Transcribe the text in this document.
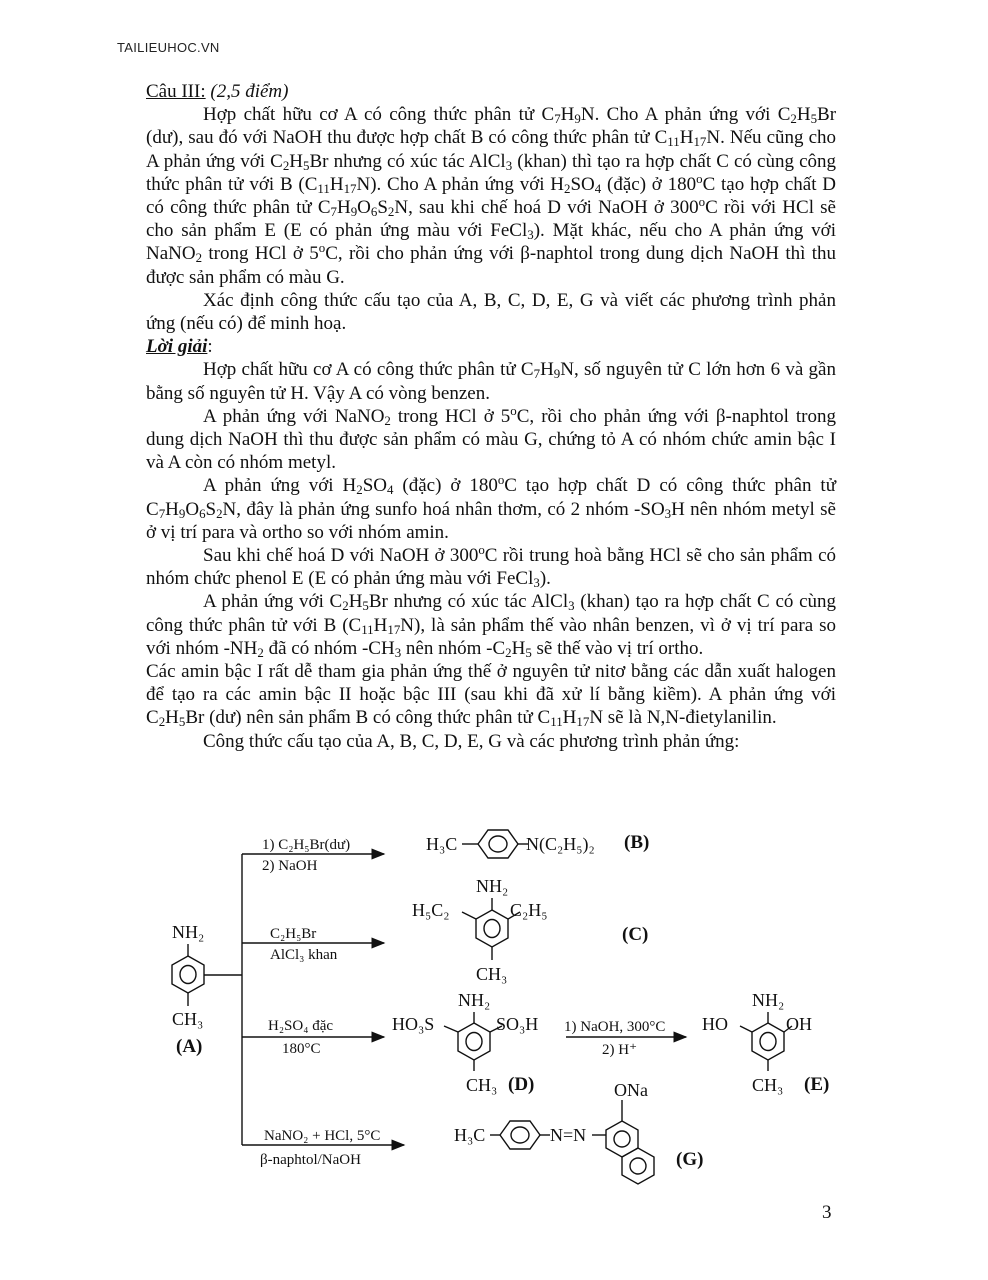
TAILIEUHOC.VN

Câu III: (2,5 điểm)

Hợp chất hữu cơ A có công thức phân tử $C_7H_9N$. Cho A phản ứng với $C_2H_5Br$ (dư), sau đó với NaOH thu được hợp chất B có công thức phân tử $C_{11}H_{17}N$. Nếu cũng cho A phản ứng với $C_2H_5Br$ nhưng có xúc tác AlCl$_3$ (khan) thì tạo ra hợp chất C có cùng công thức phân tử với B $(C_{11}H_{17}N)$. Cho A phản ứng với $H_2SO_4$ (đặc) ở 180$^o$C tạo hợp chất D có công thức phân tử $C_7H_9O_6S_2N$, sau khi chế hoá D với NaOH ở 300$^o$C rồi với HCl sẽ cho sản phẩm E (E có phản ứng màu với FeCl$_3$). Mặt khác, nếu cho A phản ứng với NaNO$_2$ trong HCl ở 5$^o$C, rồi cho phản ứng với β-naphtol trong dung dịch NaOH thì thu được sản phẩm có màu G.

Xác định công thức cấu tạo của A, B, C, D, E, G và viết các phương trình phản ứng (nếu có) để minh hoạ.

Lời giải:

Hợp chất hữu cơ A có công thức phân tử $C_7H_9N$, số nguyên tử C lớn hơn 6 và gần bằng số nguyên tử H. Vậy A có vòng benzen.

A phản ứng với NaNO$_2$ trong HCl ở 5$^o$C, rồi cho phản ứng với β-naphtol trong dung dịch NaOH thì thu được sản phẩm có màu G, chứng tỏ A có nhóm chức amin bậc I và A còn có nhóm metyl.

A phản ứng với $H_2SO_4$ (đặc) ở 180$^o$C tạo hợp chất D có công thức phân tử $C_7H_9O_6S_2N$, đây là phản ứng sunfo hoá nhân thơm, có 2 nhóm $-SO_3H$ nên nhóm metyl sẽ ở vị trí para và ortho so với nhóm amin.

Sau khi chế hoá D với NaOH ở 300$^o$C rồi trung hoà bằng HCl sẽ cho sản phẩm có nhóm chức phenol E (E có phản ứng màu với FeCl$_3$).

A phản ứng với $C_2H_5Br$ nhưng có xúc tác AlCl$_3$ (khan) tạo ra hợp chất C có cùng công thức phân tử với B $(C_{11}H_{17}N)$, là sản phẩm thế vào nhân benzen, vì ở vị trí para so với nhóm $-NH_2$ đã có nhóm $-CH_3$ nên nhóm $-C_2H_5$ sẽ thế vào vị trí ortho.

Các amin bậc I rất dễ tham gia phản ứng thế ở nguyên tử nitơ bằng các dẫn xuất halogen để tạo ra các amin bậc II hoặc bậc III (sau khi đã xử lí bằng kiềm). A phản ứng với $C_2H_5Br$ (dư) nên sản phẩm B có công thức phân tử $C_{11}H_{17}N$ sẽ là N,N-đietylanilin.

Công thức cấu tạo của A, B, C, D, E, G và các phương trình phản ứng:

NH₂
CH₃
(A)
1) C₂H₅Br(dư)
2) NaOH
H₃C	N(C₂H₅)₂ (B)
C₂H₅Br
AlCl₃ khan
NH₂
H₅C₂	C₂H₅
CH₃
(C)
H₂SO₄ đặc
180°C
NH₂
HO₃S	SO₃H
CH₃ (D)
1) NaOH, 300°C
2) H⁺
NH₂
HO	OH
CH₃ (E)
NaNO₂ + HCl, 5°C
β-naphtol/NaOH
H₃C	N=N
ONa
(G)
3
